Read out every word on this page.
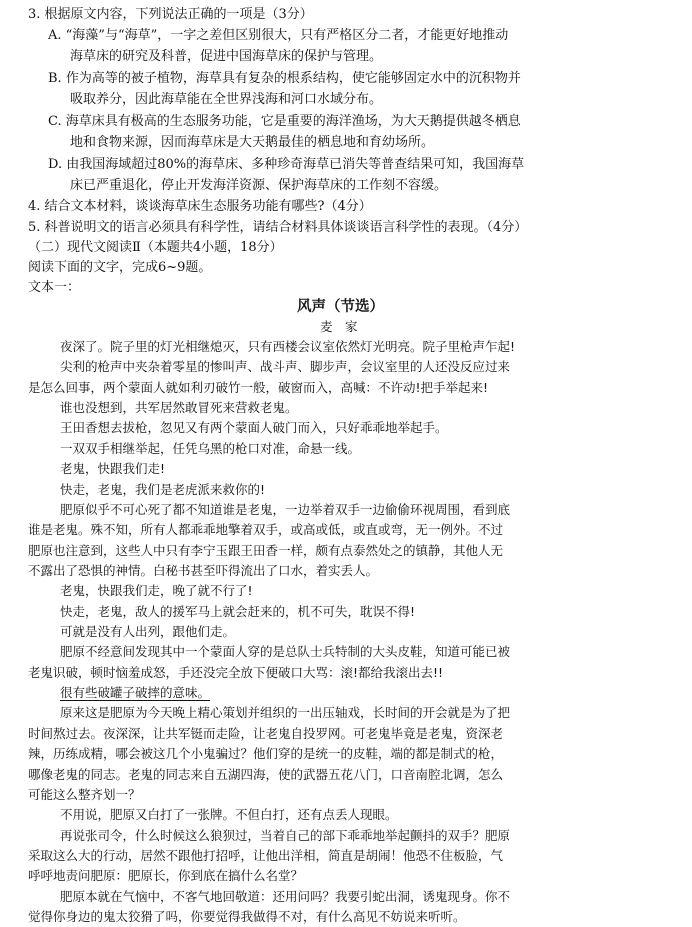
3. 根据原文内容，下列说法正确的一项是（3分）

A. “海藻”与“海草”，一字之差但区别很大，只有严格区分二者，才能更好地推动

海草床的研究及科普，促进中国海草床的保护与管理。

B. 作为高等的被子植物，海草具有复杂的根系结构，使它能够固定水中的沉积物并

吸取养分，因此海草能在全世界浅海和河口水域分布。

C. 海草床具有极高的生态服务功能，它是重要的海洋渔场，为大天鹅提供越冬栖息

地和食物来源，因而海草床是大天鹅最佳的栖息地和育幼场所。

D. 由我国海域超过80%的海草床、多种珍奇海草已消失等普查结果可知，我国海草

床已严重退化，停止开发海洋资源、保护海草床的工作刻不容缓。

4. 结合文本材料，谈谈海草床生态服务功能有哪些?（4分）

5. 科普说明文的语言必须具有科学性，请结合材料具体谈谈语言科学性的表现。（4分）

（二）现代文阅读Ⅱ（本题共4小题，18分）

阅读下面的文字，完成6~9题。

文本一：

风声（节选）

麦　家

夜深了。院子里的灯光相继熄灭，只有西楼会议室依然灯光明亮。院子里枪声乍起!

尖利的枪声中夹杂着零星的惨叫声、战斗声、脚步声，会议室里的人还没反应过来

是怎么回事，两个蒙面人就如利刃破竹一般，破窗而入，高喊：不许动!把手举起来!

谁也没想到，共军居然敢冒死来营救老鬼。

王田香想去拔枪，忽见又有两个蒙面人破门而入，只好乖乖地举起手。

一双双手相继举起，任凭乌黑的枪口对准，命悬一线。

老鬼，快跟我们走!

快走，老鬼，我们是老虎派来救你的!

肥原似乎不可心死了都不知道谁是老鬼，一边举着双手一边偷偷环视周围，看到底

谁是老鬼。殊不知，所有人都乖乖地擎着双手，或高或低，或直或弯，无一例外。不过

肥原也注意到，这些人中只有李宁玉跟王田香一样，颇有点泰然处之的镇静，其他人无

不露出了恐惧的神情。白秘书甚至吓得流出了口水，着实丢人。

老鬼，快跟我们走，晚了就不行了!

快走，老鬼，敌人的援军马上就会赶来的，机不可失，耽误不得!

可就是没有人出列，跟他们走。

肥原不经意间发现其中一个蒙面人穿的是总队士兵特制的大头皮鞋，知道可能已被

老鬼识破，顿时恼羞成怒，手还没完全放下便破口大骂：滚!都给我滚出去!!

很有些破罐子破摔的意味。

原来这是肥原为今天晚上精心策划并组织的一出压轴戏，长时间的开会就是为了把

时间熬过去。夜深深，让共军铤而走险，让老鬼自投罗网。可老鬼毕竟是老鬼，资深老

辣，历练成精，哪会被这几个小鬼骗过？他们穿的是统一的皮鞋，端的都是制式的枪，

哪像老鬼的同志。老鬼的同志来自五湖四海，使的武器五花八门，口音南腔北调，怎么

可能这么整齐划一？

不用说，肥原又白打了一张牌。不但白打，还有点丢人现眼。

再说张司令，什么时候这么狼狈过，当着自己的部下乖乖地举起颤抖的双手？肥原

采取这么大的行动，居然不跟他打招呼，让他出洋相，简直是胡闹！他恐不住板脸，气

呼呼地责问肥原：肥原长，你到底在搞什么名堂？

肥原本就在气恼中，不客气地回敬道：还用问吗？我要引蛇出洞，诱鬼现身。你不

觉得你身边的鬼太狡猾了吗，你要觉得我做得不对，有什么高见不妨说来听听。
